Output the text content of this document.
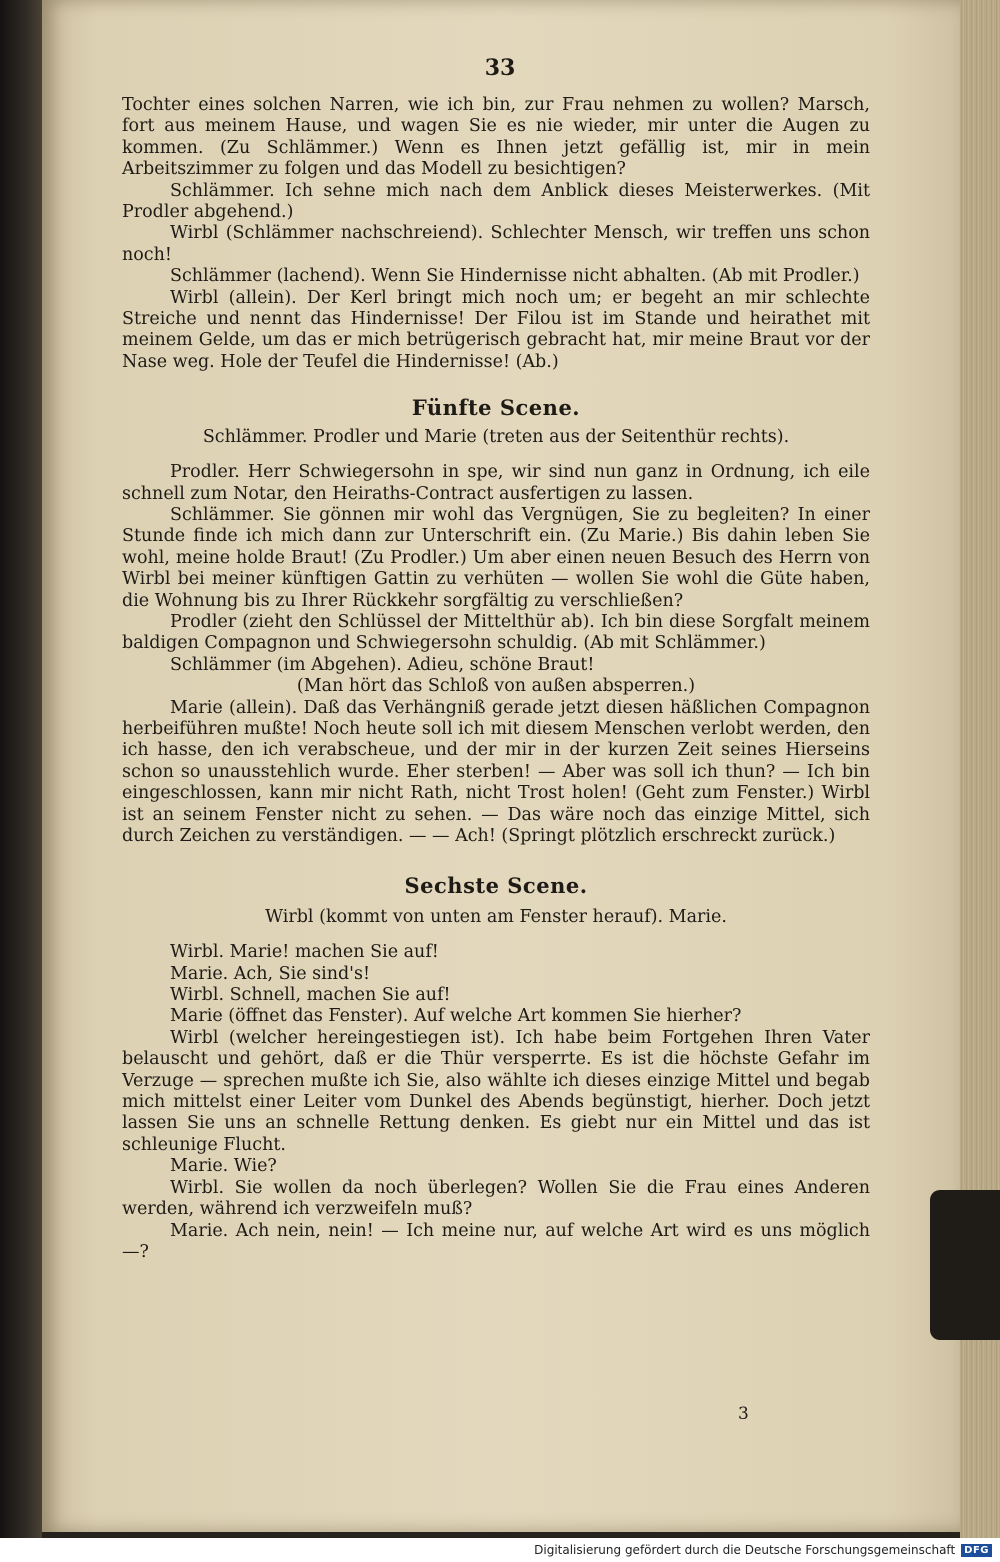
33

Tochter eines solchen Narren, wie ich bin, zur Frau nehmen zu wollen? Marsch, fort aus meinem Hause, und wagen Sie es nie wieder, mir unter die Augen zu kommen. (Zu Schlämmer.) Wenn es Ihnen jetzt gefällig ist, mir in mein Arbeitszimmer zu folgen und das Modell zu besichtigen?

Schlämmer. Ich sehne mich nach dem Anblick dieses Meisterwerkes. (Mit Prodler abgehend.)

Wirbl (Schlämmer nachschreiend). Schlechter Mensch, wir treffen uns schon noch!

Schlämmer (lachend). Wenn Sie Hindernisse nicht abhalten. (Ab mit Prodler.)

Wirbl (allein). Der Kerl bringt mich noch um; er begeht an mir schlechte Streiche und nennt das Hindernisse! Der Filou ist im Stande und heirathet mit meinem Gelde, um das er mich betrügerisch gebracht hat, mir meine Braut vor der Nase weg. Hole der Teufel die Hindernisse! (Ab.)

Fünfte Scene.

Schlämmer. Prodler und Marie (treten aus der Seitenthür rechts).

Prodler. Herr Schwiegersohn in spe, wir sind nun ganz in Ordnung, ich eile schnell zum Notar, den Heiraths-Contract ausfertigen zu lassen.

Schlämmer. Sie gönnen mir wohl das Vergnügen, Sie zu begleiten? In einer Stunde finde ich mich dann zur Unterschrift ein. (Zu Marie.) Bis dahin leben Sie wohl, meine holde Braut! (Zu Prodler.) Um aber einen neuen Besuch des Herrn von Wirbl bei meiner künftigen Gattin zu verhüten — wollen Sie wohl die Güte haben, die Wohnung bis zu Ihrer Rückkehr sorgfältig zu verschließen?

Prodler (zieht den Schlüssel der Mittelthür ab). Ich bin diese Sorgfalt meinem baldigen Compagnon und Schwiegersohn schuldig. (Ab mit Schlämmer.)

Schlämmer (im Abgehen). Adieu, schöne Braut!

(Man hört das Schloß von außen absperren.)

Marie (allein). Daß das Verhängniß gerade jetzt diesen häßlichen Compagnon herbeiführen mußte! Noch heute soll ich mit diesem Menschen verlobt werden, den ich hasse, den ich verabscheue, und der mir in der kurzen Zeit seines Hierseins schon so unausstehlich wurde. Eher sterben! — Aber was soll ich thun? — Ich bin eingeschlossen, kann mir nicht Rath, nicht Trost holen! (Geht zum Fenster.) Wirbl ist an seinem Fenster nicht zu sehen. — Das wäre noch das einzige Mittel, sich durch Zeichen zu verständigen. — — Ach! (Springt plötzlich erschreckt zurück.)

Sechste Scene.

Wirbl (kommt von unten am Fenster herauf). Marie.

Wirbl. Marie! machen Sie auf!

Marie. Ach, Sie sind's!

Wirbl. Schnell, machen Sie auf!

Marie (öffnet das Fenster). Auf welche Art kommen Sie hierher?

Wirbl (welcher hereingestiegen ist). Ich habe beim Fortgehen Ihren Vater belauscht und gehört, daß er die Thür versperrte. Es ist die höchste Gefahr im Verzuge — sprechen mußte ich Sie, also wählte ich dieses einzige Mittel und begab mich mittelst einer Leiter vom Dunkel des Abends begünstigt, hierher. Doch jetzt lassen Sie uns an schnelle Rettung denken. Es giebt nur ein Mittel und das ist schleunige Flucht.

Marie. Wie?

Wirbl. Sie wollen da noch überlegen? Wollen Sie die Frau eines Anderen werden, während ich verzweifeln muß?

Marie. Ach nein, nein! — Ich meine nur, auf welche Art wird es uns möglich —?

3
Digitalisierung gefördert durch die Deutsche Forschungsgemeinschaft DFG
